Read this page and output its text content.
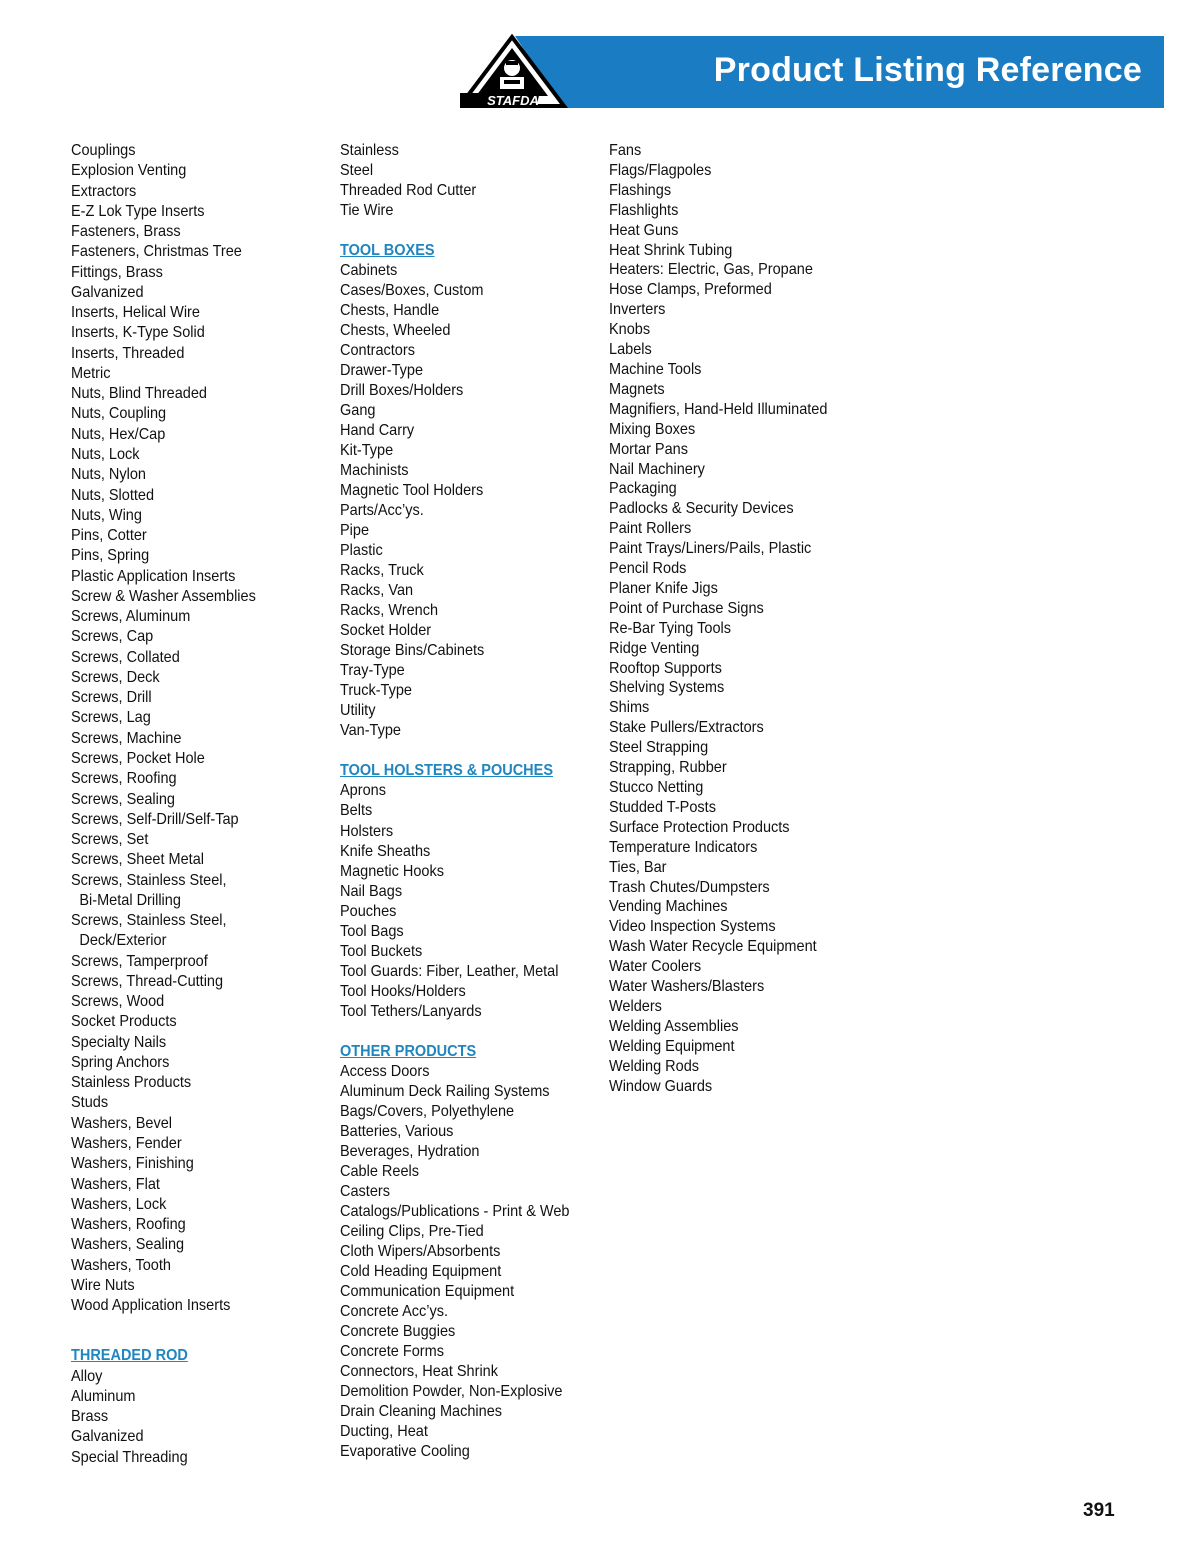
STAFDA
Product Listing Reference
Couplings
Explosion Venting
Extractors
E-Z Lok Type Inserts
Fasteners, Brass
Fasteners, Christmas Tree
Fittings, Brass
Galvanized
Inserts, Helical Wire
Inserts, K-Type Solid
Inserts, Threaded
Metric
Nuts, Blind Threaded
Nuts, Coupling
Nuts, Hex/Cap
Nuts, Lock
Nuts, Nylon
Nuts, Slotted
Nuts, Wing
Pins, Cotter
Pins, Spring
Plastic Application Inserts
Screw & Washer Assemblies
Screws, Aluminum
Screws, Cap
Screws, Collated
Screws, Deck
Screws, Drill
Screws, Lag
Screws, Machine
Screws, Pocket Hole
Screws, Roofing
Screws, Sealing
Screws, Self-Drill/Self-Tap
Screws, Set
Screws, Sheet Metal
Screws, Stainless Steel,
Bi-Metal Drilling
Screws, Stainless Steel,
Deck/Exterior
Screws, Tamperproof
Screws, Thread-Cutting
Screws, Wood
Socket Products
Specialty Nails
Spring Anchors
Stainless Products
Studs
Washers, Bevel
Washers, Fender
Washers, Finishing
Washers, Flat
Washers, Lock
Washers, Roofing
Washers, Sealing
Washers, Tooth
Wire Nuts
Wood Application Inserts
THREADED ROD
Alloy
Aluminum
Brass
Galvanized
Special Threading
Stainless
Steel
Threaded Rod Cutter
Tie Wire
TOOL BOXES
Cabinets
Cases/Boxes, Custom
Chests, Handle
Chests, Wheeled
Contractors
Drawer-Type
Drill Boxes/Holders
Gang
Hand Carry
Kit-Type
Machinists
Magnetic Tool Holders
Parts/Acc’ys.
Pipe
Plastic
Racks, Truck
Racks, Van
Racks, Wrench
Socket Holder
Storage Bins/Cabinets
Tray-Type
Truck-Type
Utility
Van-Type
TOOL HOLSTERS & POUCHES
Aprons
Belts
Holsters
Knife Sheaths
Magnetic Hooks
Nail Bags
Pouches
Tool Bags
Tool Buckets
Tool Guards: Fiber, Leather, Metal
Tool Hooks/Holders
Tool Tethers/Lanyards
OTHER PRODUCTS
Access Doors
Aluminum Deck Railing Systems
Bags/Covers, Polyethylene
Batteries, Various
Beverages, Hydration
Cable Reels
Casters
Catalogs/Publications - Print & Web
Ceiling Clips, Pre-Tied
Cloth Wipers/Absorbents
Cold Heading Equipment
Communication Equipment
Concrete Acc’ys.
Concrete Buggies
Concrete Forms
Connectors, Heat Shrink
Demolition Powder, Non-Explosive
Drain Cleaning Machines
Ducting, Heat
Evaporative Cooling
Fans
Flags/Flagpoles
Flashings
Flashlights
Heat Guns
Heat Shrink Tubing
Heaters: Electric, Gas, Propane
Hose Clamps, Preformed
Inverters
Knobs
Labels
Machine Tools
Magnets
Magnifiers, Hand-Held Illuminated
Mixing Boxes
Mortar Pans
Nail Machinery
Packaging
Padlocks & Security Devices
Paint Rollers
Paint Trays/Liners/Pails, Plastic
Pencil Rods
Planer Knife Jigs
Point of Purchase Signs
Re-Bar Tying Tools
Ridge Venting
Rooftop Supports
Shelving Systems
Shims
Stake Pullers/Extractors
Steel Strapping
Strapping, Rubber
Stucco Netting
Studded T-Posts
Surface Protection Products
Temperature Indicators
Ties, Bar
Trash Chutes/Dumpsters
Vending Machines
Video Inspection Systems
Wash Water Recycle Equipment
Water Coolers
Water Washers/Blasters
Welders
Welding Assemblies
Welding Equipment
Welding Rods
Window Guards
391
